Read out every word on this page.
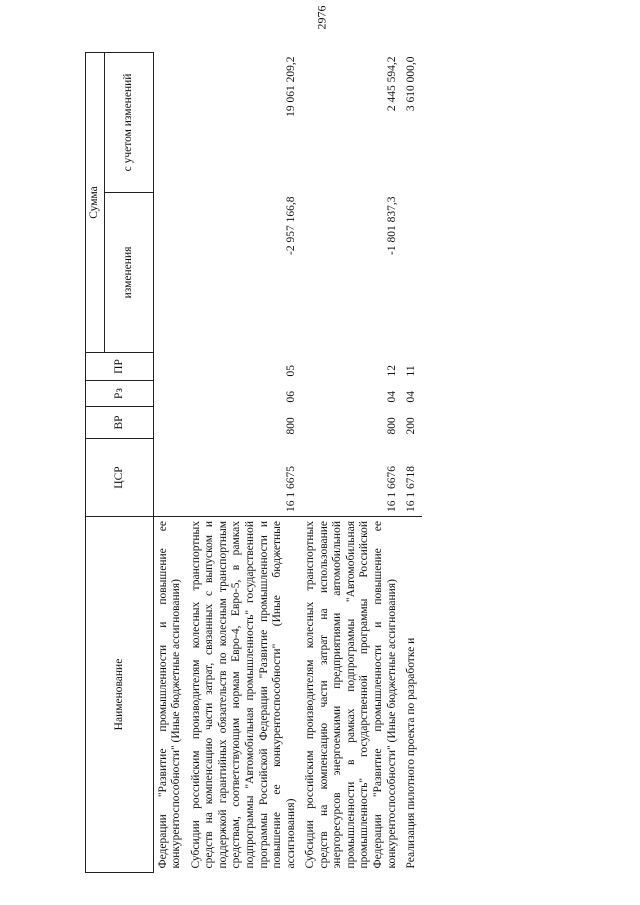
2976
Наименование	ЦСР	ВР	Рз	ПР	Сумма	
					изменения	с учетом изменений
Федерации "Развитие промышленности и повышение ее конкурентоспособности" (Иные бюджетные ассигнования)						
Субсидии российским производителям колесных транспортных средств на компенсацию части затрат, связанных с выпуском и поддержкой гарантийных обязательств по колесным транспортным средствам, соответствующим нормам Евро-4, Евро-5, в рамках подпрограммы "Автомобильная промышленность" государственной программы Российской Федерации "Развитие промышленности и повышение ее конкурентоспособности" (Иные бюджетные ассигнования)	16 1 6675	800	06	05	-2 957 166,8	19 061 209,2
Субсидии российским производителям колесных транспортных средств на компенсацию части затрат на использование энергоресурсов энергоемкими предприятиями автомобильной промышленности в рамках подпрограммы "Автомобильная промышленность" государственной программы Российской Федерации "Развитие промышленности и повышение ее конкурентоспособности" (Иные бюджетные ассигнования)	16 1 6676	800	04	12	-1 801 837,3	2 445 594,2
Реализация пилотного проекта по разработке и	16 1 6718	200	04	11		3 610 000,0
